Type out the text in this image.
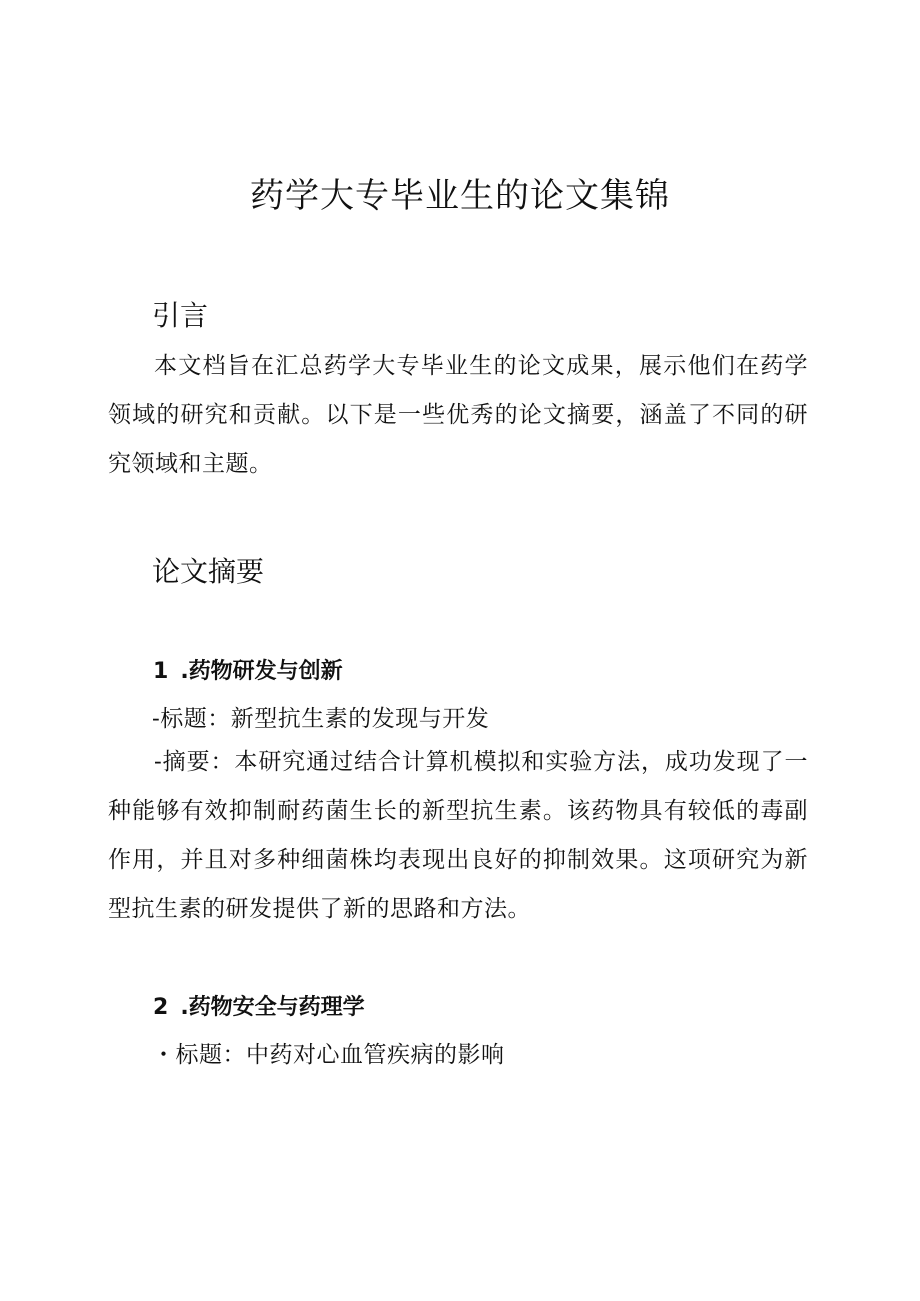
药学大专毕业生的论文集锦
引言

本文档旨在汇总药学大专毕业生的论文成果，展示他们在药学领域的研究和贡献。以下是一些优秀的论文摘要，涵盖了不同的研究领域和主题。

论文摘要
1 .药物研发与创新

-标题：新型抗生素的发现与开发

-摘要：本研究通过结合计算机模拟和实验方法，成功发现了一种能够有效抑制耐药菌生长的新型抗生素。该药物具有较低的毒副作用，并且对多种细菌株均表现出良好的抑制效果。这项研究为新型抗生素的研发提供了新的思路和方法。

2 .药物安全与药理学

・标题：中药对心血管疾病的影响
